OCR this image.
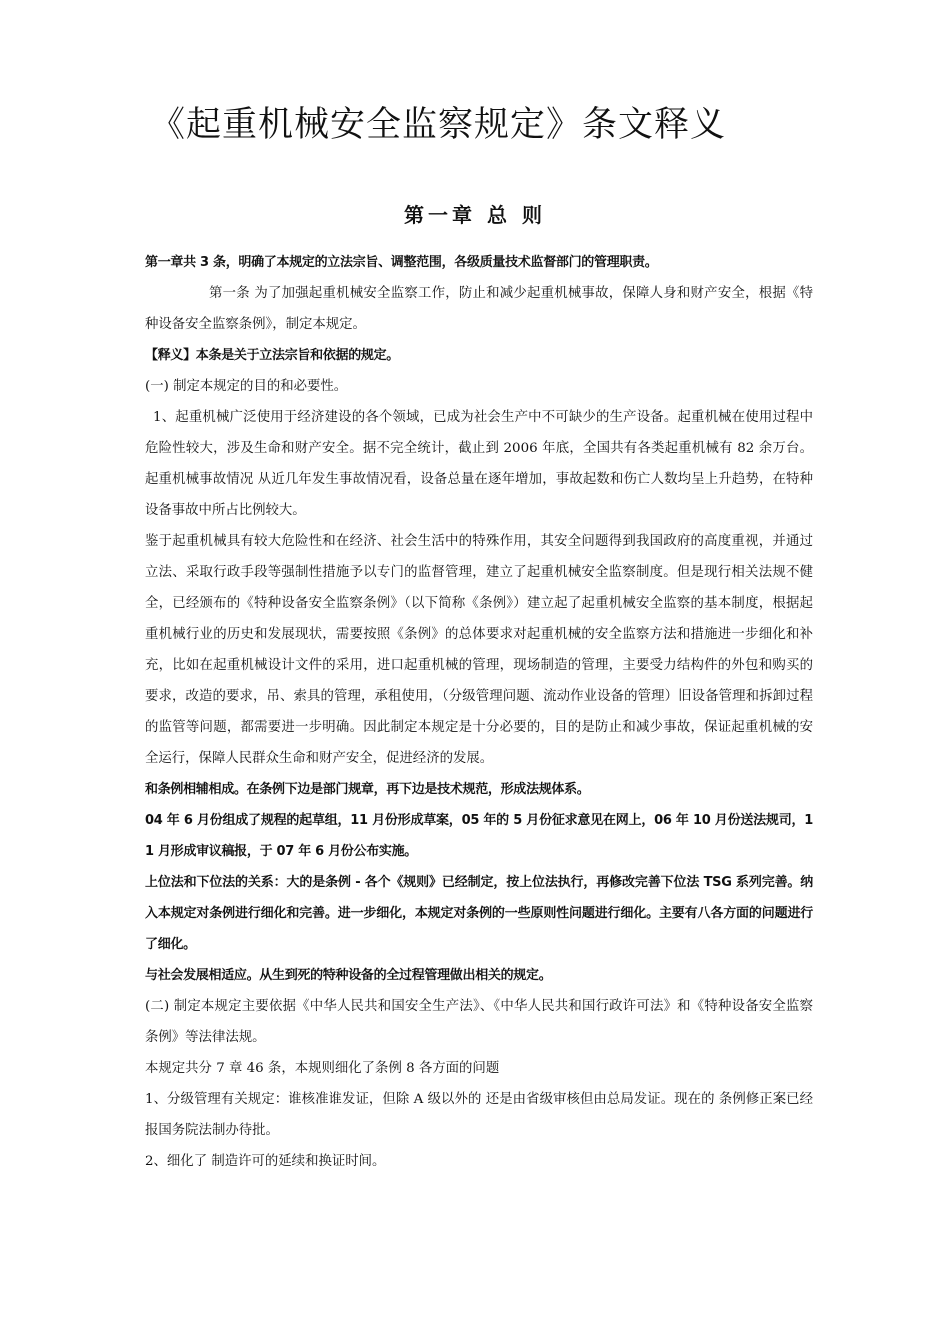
《起重机械安全监察规定》条文释义
第一章 总 则

第一章共 3 条，明确了本规定的立法宗旨、调整范围，各级质量技术监督部门的管理职责。

第一条 为了加强起重机械安全监察工作，防止和减少起重机械事故，保障人身和财产安全，根据《特种设备安全监察条例》，制定本规定。

【释义】本条是关于立法宗旨和依据的规定。

(一) 制定本规定的目的和必要性。

1、起重机械广泛使用于经济建设的各个领域，已成为社会生产中不可缺少的生产设备。起重机械在使用过程中危险性较大，涉及生命和财产安全。据不完全统计，截止到 2006 年底，全国共有各类起重机械有 82 余万台。起重机械事故情况 从近几年发生事故情况看，设备总量在逐年增加，事故起数和伤亡人数均呈上升趋势，在特种设备事故中所占比例较大。

鉴于起重机械具有较大危险性和在经济、社会生活中的特殊作用，其安全问题得到我国政府的高度重视，并通过立法、采取行政手段等强制性措施予以专门的监督管理，建立了起重机械安全监察制度。但是现行相关法规不健全，已经颁布的《特种设备安全监察条例》（以下简称《条例》）建立起了起重机械安全监察的基本制度，根据起重机械行业的历史和发展现状，需要按照《条例》的总体要求对起重机械的安全监察方法和措施进一步细化和补充，比如在起重机械设计文件的采用，进口起重机械的管理，现场制造的管理，主要受力结构件的外包和购买的要求，改造的要求，吊、索具的管理，承租使用，（分级管理问题、流动作业设备的管理）旧设备管理和拆卸过程的监管等问题，都需要进一步明确。因此制定本规定是十分必要的，目的是防止和减少事故，保证起重机械的安全运行，保障人民群众生命和财产安全，促进经济的发展。

和条例相辅相成。在条例下边是部门规章，再下边是技术规范，形成法规体系。

04 年 6 月份组成了规程的起草组，11 月份形成草案，05 年的 5 月份征求意见在网上，06 年 10 月份送法规司，11 月形成审议稿报，于 07 年 6 月份公布实施。

上位法和下位法的关系：大的是条例 - 各个《规则》已经制定，按上位法执行，再修改完善下位法 TSG 系列完善。纳入本规定对条例进行细化和完善。进一步细化，本规定对条例的一些原则性问题进行细化。主要有八各方面的问题进行了细化。

与社会发展相适应。从生到死的特种设备的全过程管理做出相关的规定。

(二) 制定本规定主要依据《中华人民共和国安全生产法》、《中华人民共和国行政许可法》和《特种设备安全监察条例》等法律法规。

本规定共分 7 章 46 条，本规则细化了条例 8 各方面的问题

1、分级管理有关规定：谁核准谁发证，但除 A 级以外的 还是由省级审核但由总局发证。现在的 条例修正案已经报国务院法制办待批。

2、细化了 制造许可的延续和换证时间。
